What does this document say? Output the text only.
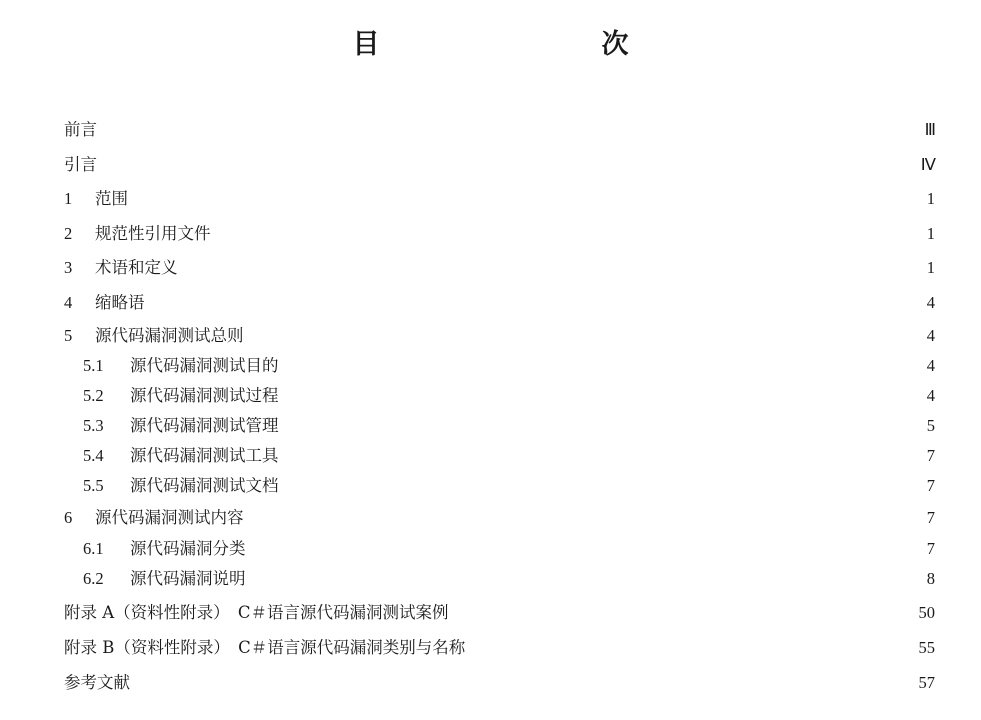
目　　次
前言	Ⅲ
引言	Ⅳ
1	范围	1
2	规范性引用文件	1
3	术语和定义	1
4	缩略语	4
5	源代码漏洞测试总则	4
5.1	源代码漏洞测试目的	4
5.2	源代码漏洞测试过程	4
5.3	源代码漏洞测试管理	5
5.4	源代码漏洞测试工具	7
5.5	源代码漏洞测试文档	7
6	源代码漏洞测试内容	7
6.1	源代码漏洞分类	7
6.2	源代码漏洞说明	8
附录 A（资料性附录）　C＃语言源代码漏洞测试案例	50
附录 B（资料性附录）　C＃语言源代码漏洞类别与名称	55
参考文献	57
